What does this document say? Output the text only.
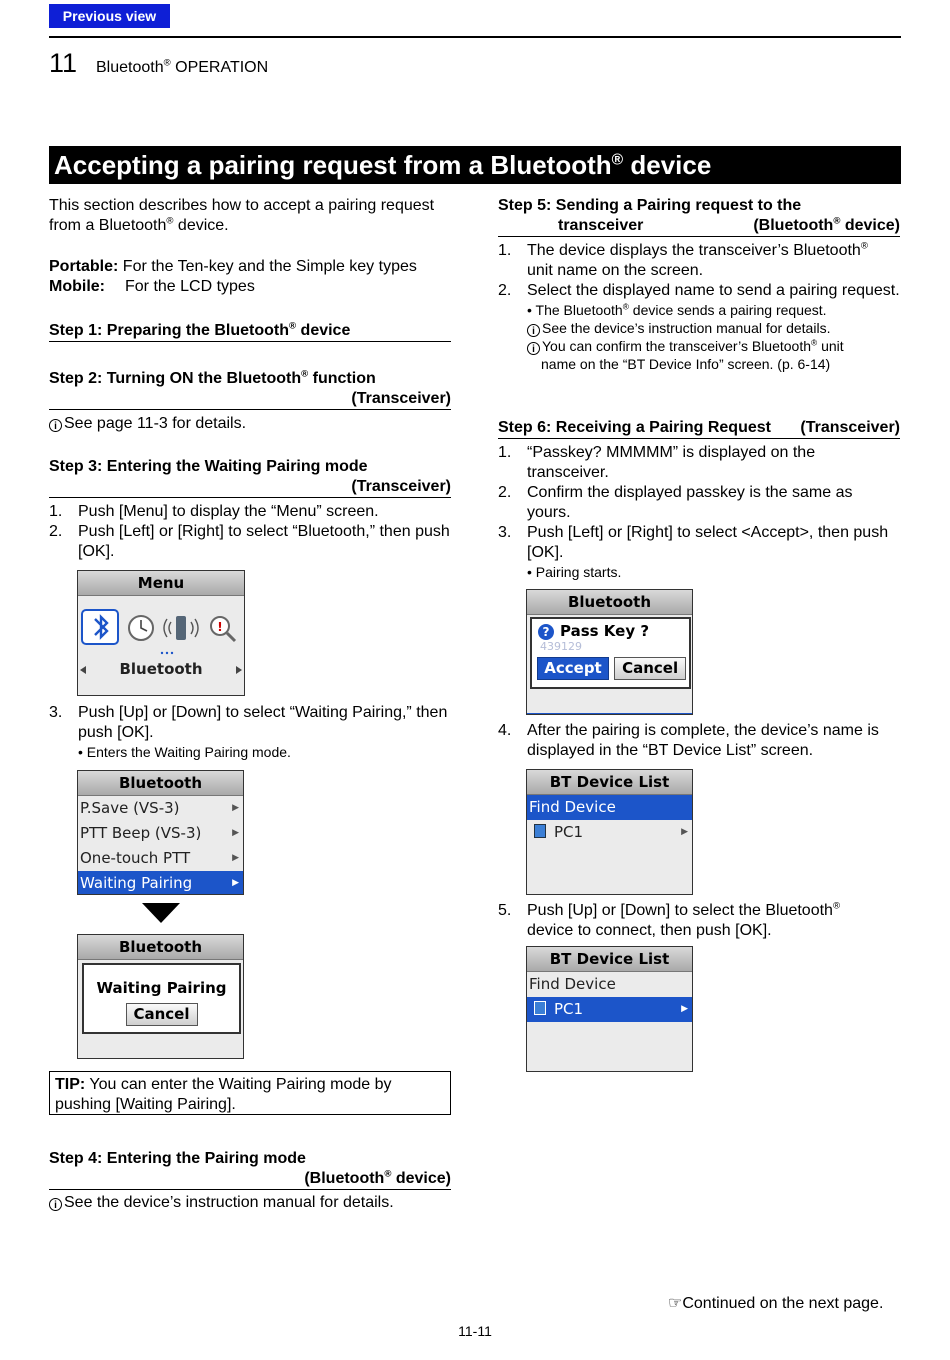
Previous view
11 Bluetooth® OPERATION
Accepting a pairing request from a Bluetooth® device
This section describes how to accept a pairing request
from a Bluetooth® device.
Portable: For the Ten-key and the Simple key types
Mobile: For the LCD types
Step 1: Preparing the Bluetooth® device
Step 2: Turning ON the Bluetooth® function
(Transceiver)
i See page 11-3 for details.
Step 3: Entering the Waiting Pairing mode
(Transceiver)
1. Push [Menu] to display the “Menu” screen.
2. Push [Left] or [Right] to select “Bluetooth,” then push [OK].
Menu
!
Bluetooth
3. Push [Up] or [Down] to select “Waiting Pairing,” then push [OK].
• Enters the Waiting Pairing mode.
Bluetooth
P.Save (VS-3)	▶
PTT Beep (VS-3)	▶
One-touch PTT	▶
Waiting Pairing	▶
Bluetooth
Waiting Pairing
Cancel
TIP: You can enter the Waiting Pairing mode by pushing [Waiting Pairing].
Step 4: Entering the Pairing mode
(Bluetooth® device)
i See the device’s instruction manual for details.
Step 5: Sending a Pairing request to the
transceiver	(Bluetooth® device)
1. The device displays the transceiver’s Bluetooth®
unit name on the screen.
2. Select the displayed name to send a pairing request.
• The Bluetooth® device sends a pairing request.
i See the device’s instruction manual for details.
i You can confirm the transceiver’s Bluetooth® unit
name on the “BT Device Info” screen. (p. 6-14)
Step 6: Receiving a Pairing Request (Transceiver)
1. “Passkey? MMMMM” is displayed on the transceiver.
2. Confirm the displayed passkey is the same as yours.
3. Push [Left] or [Right] to select <Accept>, then push [OK].
• Pairing starts.
Bluetooth
? Pass Key ?
439129
Accept Cancel
4. After the pairing is complete, the device’s name is displayed in the “BT Device List” screen.
BT Device List
Find Device
PC1	▶
5. Push [Up] or [Down] to select the Bluetooth®
device to connect, then push [OK].
BT Device List
Find Device
PC1	▶
☞Continued on the next page.
11-11
